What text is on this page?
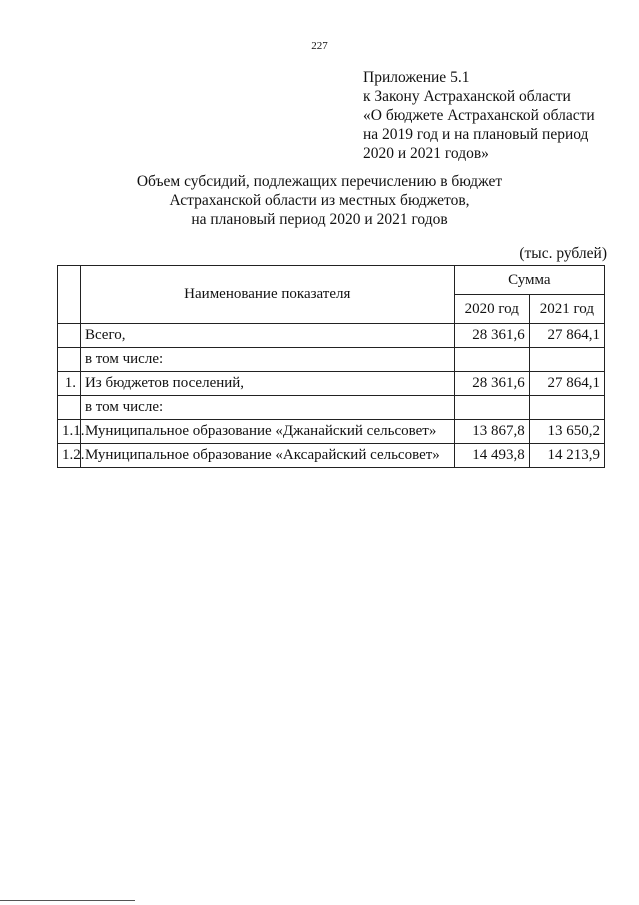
227
Приложение 5.1
к Закону Астраханской области
«О бюджете Астраханской области
на 2019 год и на плановый период
2020 и 2021 годов»
Объем субсидий, подлежащих перечислению в бюджет
Астраханской области из местных бюджетов,
на плановый период 2020 и 2021 годов
(тыс. рублей)
	Наименование показателя	Сумма	
		2020 год	2021 год
	Всего,	28 361,6	27 864,1
	в том числе:		
1.	Из бюджетов поселений,	28 361,6	27 864,1
	в том числе:		
1.1.	Муниципальное образование «Джанайский сельсовет»	13 867,8	13 650,2
1.2.	Муниципальное образование «Аксарайский сельсовет»	14 493,8	14 213,9
